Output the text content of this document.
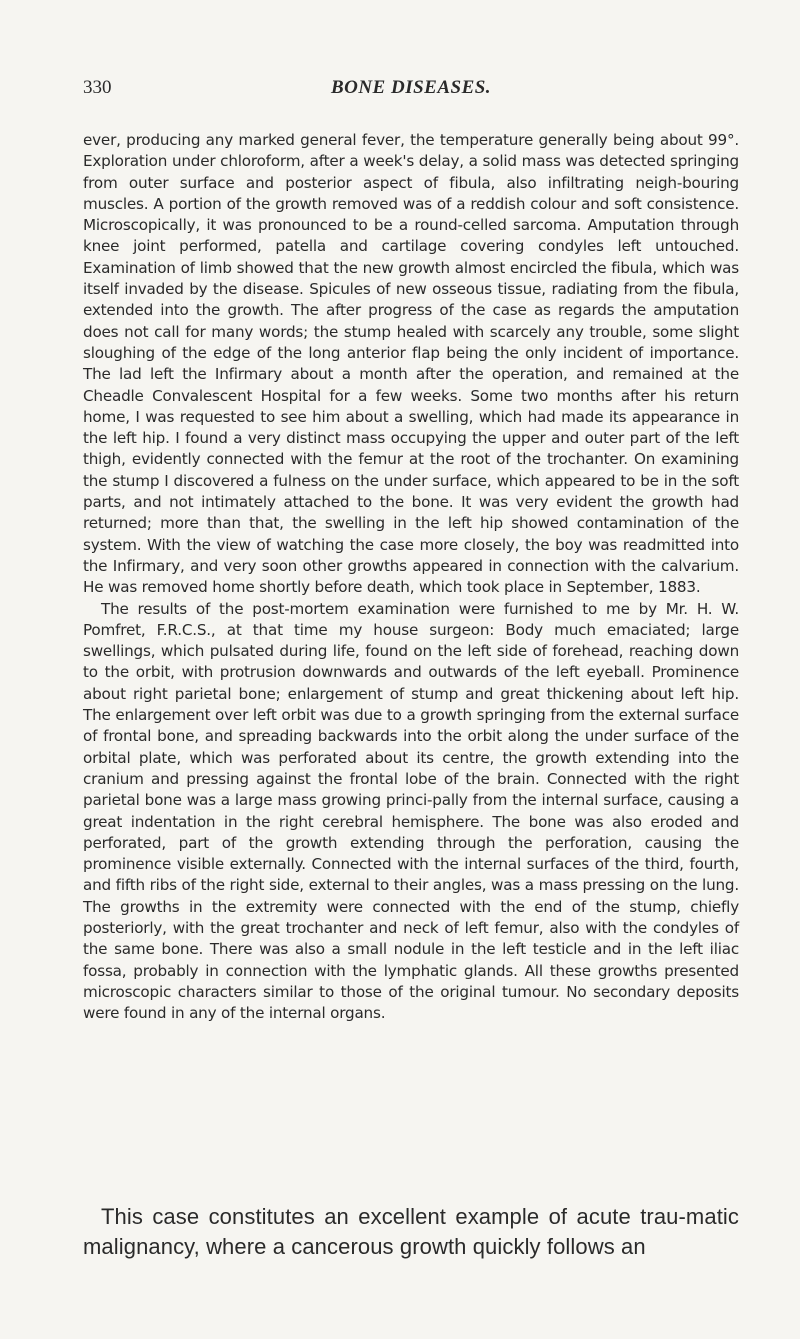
330	BONE DISEASES.

ever, producing any marked general fever, the temperature generally being about 99°. Exploration under chloroform, after a week's delay, a solid mass was detected springing from outer surface and posterior aspect of fibula, also infiltrating neigh-bouring muscles. A portion of the growth removed was of a reddish colour and soft consistence. Microscopically, it was pronounced to be a round-celled sarcoma. Amputation through knee joint performed, patella and cartilage covering condyles left untouched. Examination of limb showed that the new growth almost encircled the fibula, which was itself invaded by the disease. Spicules of new osseous tissue, radiating from the fibula, extended into the growth. The after progress of the case as regards the amputation does not call for many words; the stump healed with scarcely any trouble, some slight sloughing of the edge of the long anterior flap being the only incident of importance. The lad left the Infirmary about a month after the operation, and remained at the Cheadle Convalescent Hospital for a few weeks. Some two months after his return home, I was requested to see him about a swelling, which had made its appearance in the left hip. I found a very distinct mass occupying the upper and outer part of the left thigh, evidently connected with the femur at the root of the trochanter. On examining the stump I discovered a fulness on the under surface, which appeared to be in the soft parts, and not intimately attached to the bone. It was very evident the growth had returned; more than that, the swelling in the left hip showed contamination of the system. With the view of watching the case more closely, the boy was readmitted into the Infirmary, and very soon other growths appeared in connection with the calvarium. He was removed home shortly before death, which took place in September, 1883.

The results of the post-mortem examination were furnished to me by Mr. H. W. Pomfret, F.R.C.S., at that time my house surgeon: Body much emaciated; large swellings, which pulsated during life, found on the left side of forehead, reaching down to the orbit, with protrusion downwards and outwards of the left eyeball. Prominence about right parietal bone; enlargement of stump and great thickening about left hip. The enlargement over left orbit was due to a growth springing from the external surface of frontal bone, and spreading backwards into the orbit along the under surface of the orbital plate, which was perforated about its centre, the growth extending into the cranium and pressing against the frontal lobe of the brain. Connected with the right parietal bone was a large mass growing princi-pally from the internal surface, causing a great indentation in the right cerebral hemisphere. The bone was also eroded and perforated, part of the growth extending through the perforation, causing the prominence visible externally. Connected with the internal surfaces of the third, fourth, and fifth ribs of the right side, external to their angles, was a mass pressing on the lung. The growths in the extremity were connected with the end of the stump, chiefly posteriorly, with the great trochanter and neck of left femur, also with the condyles of the same bone. There was also a small nodule in the left testicle and in the left iliac fossa, probably in connection with the lymphatic glands. All these growths presented microscopic characters similar to those of the original tumour. No secondary deposits were found in any of the internal organs.

This case constitutes an excellent example of acute trau-matic malignancy, where a cancerous growth quickly follows an
